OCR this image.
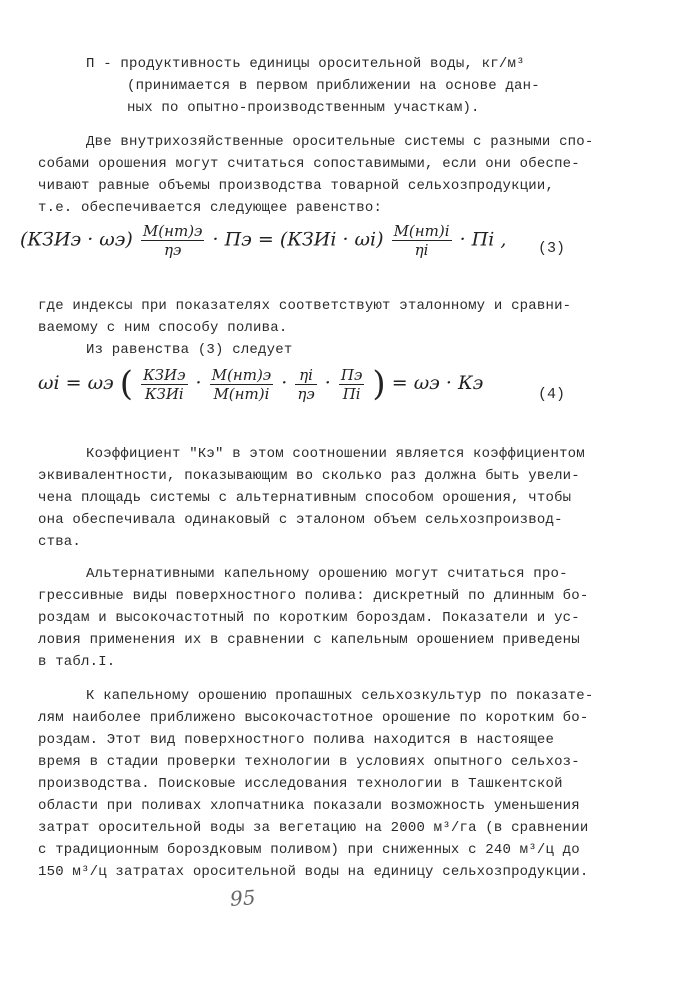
П - продуктивность единицы оросительной воды, кг/м³
(принимается в первом приближении на основе дан-
ных по опытно-производственным участкам).
Две внутрихозяйственные оросительные системы с разными спо-
собами орошения могут считаться сопоставимыми, если они обеспе-
чивают равные объемы производства товарной сельхозпродукции,
т.е. обеспечивается следующее равенство:
(КЗИэ · $\omega э) \frac{М(нт)э}{\eta э}$ · Пэ = (КЗИi · $\omega i) \frac{М(нт)i}{\eta i}$ · Пi , (3)
где индексы при показателях соответствуют эталонному и сравни-
ваемому с ним способу полива.
Из равенства (3) следует
ωi = ωэ ( $\frac{\text{КЗИэ}}{\text{КЗИi}} \cdot \frac{М(нт)э}{М(нт)i} \cdot \frac{\eta i}{\eta э} \cdot \frac{Пэ}{Пi}$ ) = ωэ · Кэ
(4)
Коэффициент "Кэ" в этом соотношении является коэффициентом
эквивалентности, показывающим во сколько раз должна быть увели-
чена площадь системы с альтернативным способом орошения, чтобы
она обеспечивала одинаковый с эталоном объем сельхозпроизвод-
ства.
Альтернативными капельному орошению могут считаться про-
грессивные виды поверхностного полива: дискретный по длинным бо-
роздам и высокочастотный по коротким бороздам. Показатели и ус-
ловия применения их в сравнении с капельным орошением приведены
в табл.I.
К капельному орошению пропашных сельхозкультур по показате-
лям наиболее приближено высокочастотное орошение по коротким бо-
роздам. Этот вид поверхностного полива находится в настоящее
время в стадии проверки технологии в условиях опытного сельхоз-
производства. Поисковые исследования технологии в Ташкентской
области при поливах хлопчатника показали возможность уменьшения
затрат оросительной воды за вегетацию на 2000 м³/га (в сравнении
с традиционным бороздковым поливом) при сниженных с 240 м³/ц до
150 м³/ц затратах оросительной воды на единицу сельхозпродукции.
95
